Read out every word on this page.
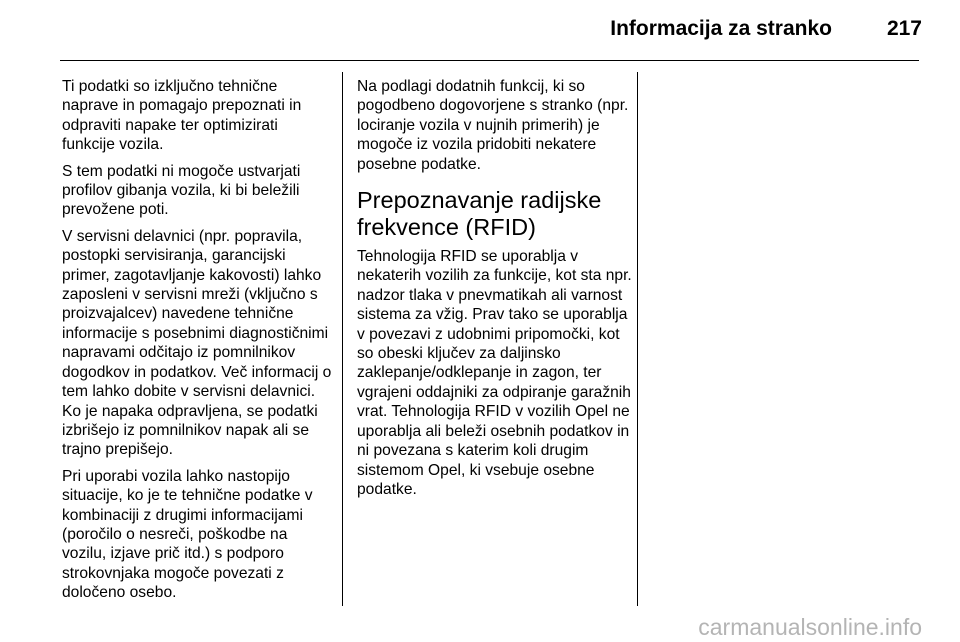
Informacija za stranko	217

Ti podatki so izključno tehnične naprave in pomagajo prepoznati in odpraviti napake ter optimizirati funkcije vozila.

S tem podatki ni mogoče ustvarjati profilov gibanja vozila, ki bi beležili prevožene poti.

V servisni delavnici (npr. popravila, postopki servisiranja, garancijski primer, zagotavljanje kakovosti) lahko zaposleni v servisni mreži (vključno s proizvajalcev) navedene tehnične informacije s posebnimi diagnostičnimi napravami odčitajo iz pomnilnikov dogodkov in podatkov. Več informacij o tem lahko dobite v servisni delavnici. Ko je napaka odpravljena, se podatki izbrišejo iz pomnilnikov napak ali se trajno prepišejo.

Pri uporabi vozila lahko nastopijo situacije, ko je te tehnične podatke v kombinaciji z drugimi informacijami (poročilo o nesreči, poškodbe na vozilu, izjave prič itd.) s podporo strokovnjaka mogoče povezati z določeno osebo.

Na podlagi dodatnih funkcij, ki so pogodbeno dogovorjene s stranko (npr. lociranje vozila v nujnih primerih) je mogoče iz vozila pridobiti nekatere posebne podatke.

Prepoznavanje radijske frekvence (RFID)

Tehnologija RFID se uporablja v nekaterih vozilih za funkcije, kot sta npr. nadzor tlaka v pnevmatikah ali varnost sistema za vžig. Prav tako se uporablja v povezavi z udobnimi pripomočki, kot so obeski ključev za daljinsko zaklepanje/odklepanje in zagon, ter vgrajeni oddajniki za odpiranje garažnih vrat. Tehnologija RFID v vozilih Opel ne uporablja ali beleži osebnih podatkov in ni povezana s katerim koli drugim sistemom Opel, ki vsebuje osebne podatke.

carmanualsonline.info
